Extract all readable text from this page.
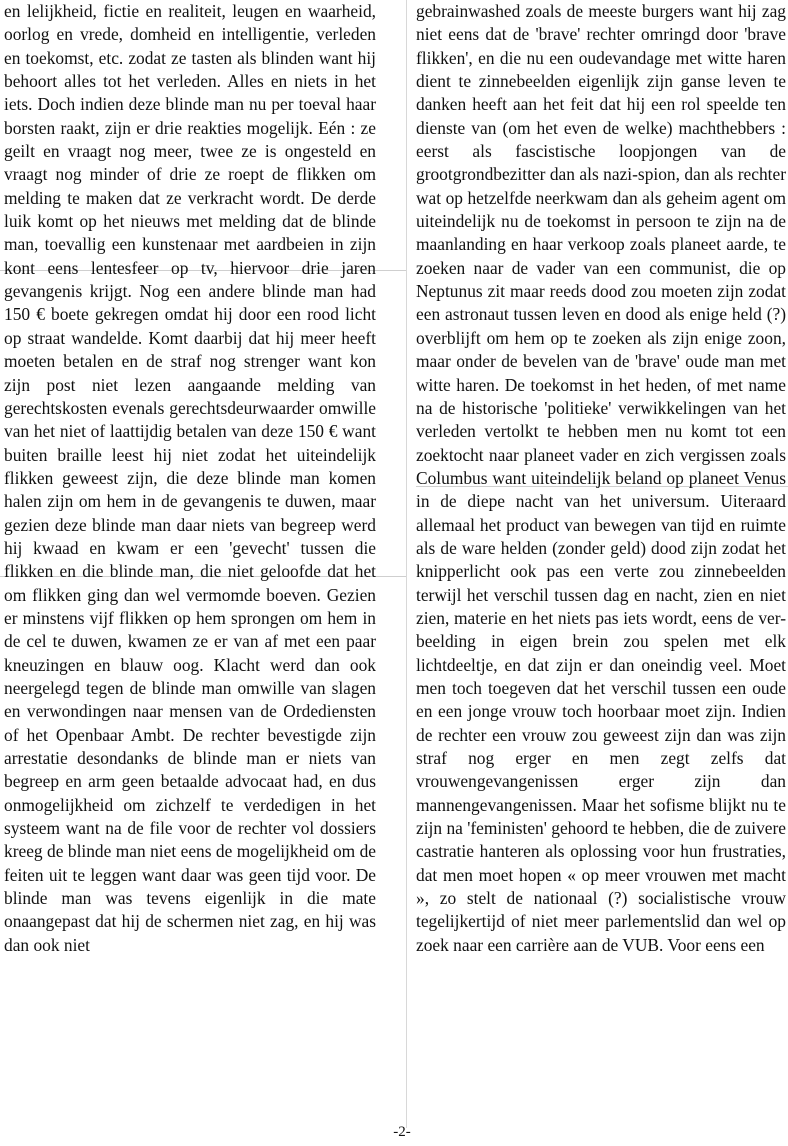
en lelijkheid, fictie en realiteit, leugen en waarheid, oorlog en vrede, domheid en intelligentie, verleden en toekomst, etc. zodat ze tasten als blinden want hij behoort alles tot het verleden. Alles en niets in het iets. Doch indien deze blinde man nu per toeval haar borsten raakt, zijn er drie reakties mogelijk. Eén : ze geilt en vraagt nog meer, twee ze is ongesteld en vraagt nog minder of drie ze roept de flikken om melding te maken dat ze verkracht wordt. De derde luik komt op het nieuws met melding dat de blinde man, toevallig een kunstenaar met aardbeien in zijn kont eens lentesfeer op tv, hiervoor drie jaren gevangenis krijgt. Nog een andere blinde man had 150 € boete gekregen omdat hij door een rood licht op straat wandelde. Komt daarbij dat hij meer heeft moeten betalen en de straf nog strenger want kon zijn post niet lezen aangaande melding van gerechtskosten evenals gerechtsdeurwaarder omwille van het niet of laattijdig betalen van deze 150 € want buiten braille leest hij niet zodat het uiteindelijk flikken geweest zijn, die deze blinde man komen halen zijn om hem in de gevangenis te duwen, maar gezien deze blinde man daar niets van begreep werd hij kwaad en kwam er een 'gevecht' tussen die flikken en die blinde man, die niet geloofde dat het om flikken ging dan wel vermomde boeven. Gezien er minstens vijf flikken op hem sprongen om hem in de cel te duwen, kwamen ze er van af met een paar kneuzingen en blauw oog. Klacht werd dan ook neergelegd tegen de blinde man omwille van slagen en verwondingen naar mensen van de Ordediensten of het Openbaar Ambt. De rechter bevestigde zijn arrestatie desondanks de blinde man er niets van begreep en arm geen betaalde advocaat had, en dus onmogelijkheid om zichzelf te verdedigen in het systeem want na de file voor de rechter vol dossiers kreeg de blinde man niet eens de mogelijkheid om de feiten uit te leggen want daar was geen tijd voor. De blinde man was tevens eigenlijk in die mate onaangepast dat hij de schermen niet zag, en hij was dan ook niet

gebrainwashed zoals de meeste burgers want hij zag niet eens dat de 'brave' rechter omringd door 'brave flikken', en die nu een oudevandage met witte haren dient te zinnebeelden eigenlijk zijn ganse leven te danken heeft aan het feit dat hij een rol speelde ten dienste van (om het even de welke) machthebbers : eerst als fascistische loopjongen van de grootgrondbezitter dan als nazi-spion, dan als rechter wat op hetzelfde neerkwam dan als geheim agent om uiteindelijk nu de toekomst in persoon te zijn na de maanlanding en haar verkoop zoals planeet aarde, te zoeken naar de vader van een communist, die op Neptunus zit maar reeds dood zou moeten zijn zodat een astronaut tussen leven en dood als enige held (?) overblijft om hem op te zoeken als zijn enige zoon, maar onder de bevelen van de 'brave' oude man met witte haren. De toekomst in het heden, of met name na de historische 'politieke' verwikkelingen van het verleden vertolkt te hebben men nu komt tot een zoektocht naar planeet vader en zich vergissen zoals Columbus want uiteindelijk beland op planeet Venus in de diepe nacht van het universum. Uiteraard allemaal het product van bewegen van tijd en ruimte als de ware helden (zonder geld) dood zijn zodat het knipperlicht ook pas een verte zou zinnebeelden terwijl het verschil tussen dag en nacht, zien en niet zien, materie en het niets pas iets wordt, eens de ver-beelding in eigen brein zou spelen met elk lichtdeeltje, en dat zijn er dan oneindig veel. Moet men toch toegeven dat het verschil tussen een oude en een jonge vrouw toch hoorbaar moet zijn. Indien de rechter een vrouw zou geweest zijn dan was zijn straf nog erger en men zegt zelfs dat vrouwengevangenissen erger zijn dan mannengevangenissen. Maar het sofisme blijkt nu te zijn na 'feministen' gehoord te hebben, die de zuivere castratie hanteren als oplossing voor hun frustraties, dat men moet hopen « op meer vrouwen met macht », zo stelt de nationaal (?) socialistische vrouw tegelijkertijd of niet meer parlementslid dan wel op zoek naar een carrière aan de VUB. Voor eens een

-2-
